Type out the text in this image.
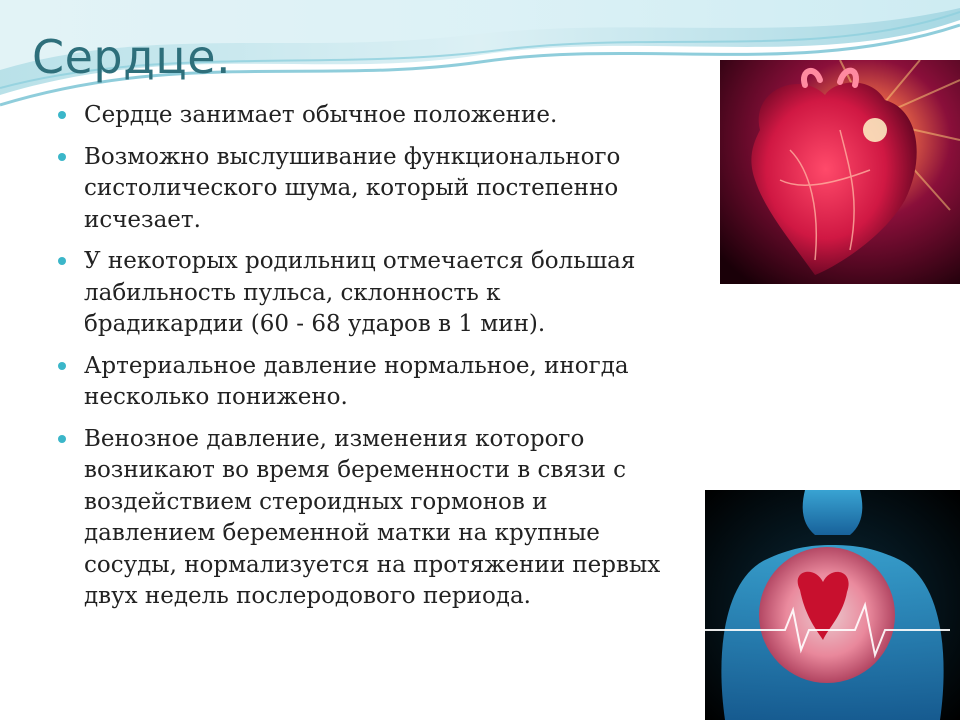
Сердце.
Сердце занимает обычное положение.
Возможно выслушивание функционального
систолического шума, который постепенно
исчезает.
У некоторых родильниц отмечается большая
лабильность пульса, склонность к
брадикардии (60 - 68 ударов в 1 мин).
Артериальное давление нормальное, иногда
несколько понижено.
Венозное давление, изменения которого
возникают во время беременности в связи с
воздействием стероидных гормонов и
давлением беременной матки на крупные
сосуды, нормализуется на протяжении первых
двух недель послеродового периода.
